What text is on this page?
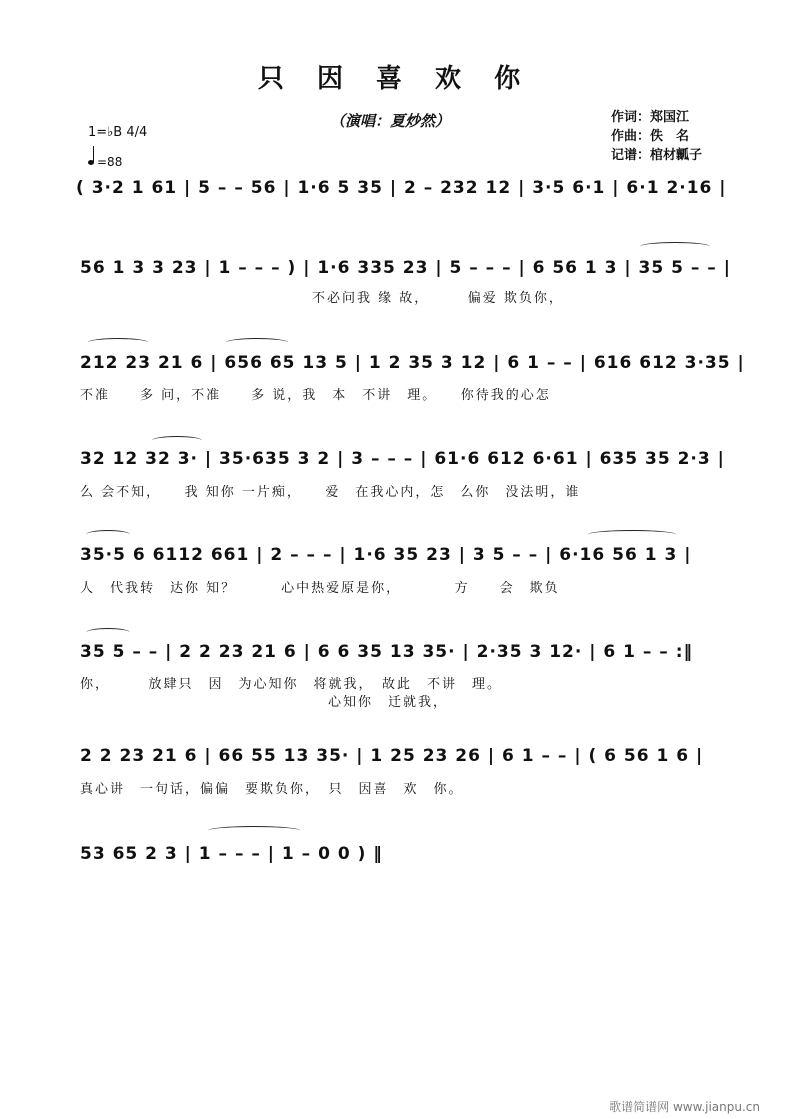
只 因 喜 欢 你
（演唱：夏炒然）	作词：郑国江
作曲：佚　名
记谱：棺材瓤子
1=♭B 4/4
=88
( 3·2 1 61 | 5 – – 56 | 1·6 5 35 | 2 – 232 12 | 3·5 6·1 | 6·1 2·16 |
56 1 3 3 23 | 1 – – – ) | 1·6 335 23 | 5 – – – | 6 56 1 3 | 35 5 – – |
不必问我 缘 故，　　　偏爱 欺负你，
212 23 21 6 | 656 65 13 5 | 1 2 35 3 12 | 6 1 – – | 616 612 3·35 |
不准　　多 问，不准　　多 说，我　本　不讲　理。　　你待我的心怎
32 12 32 3· | 35·635 3 2 | 3 – – – | 61·6 612 6·61 | 635 35 2·3 |
么 会不知，　　我 知你 一片痴，　　爱　在我心内，怎　么你　没法明，谁
35·5 6 6112 661 | 2 – – – | 1·6 35 23 | 3 5 – – | 6·16 56 1 3 |
人　代我转　达你 知？　　　心中热爱原是你，　　　　方　　会　欺负
35 5 – – | 2 2 23 21 6 | 6 6 35 13 35· | 2·35 3 12· | 6 1 – – :‖
你，　　　放肆只　因　为心知你　将就我，　故此　不讲　理。
心知你　迁就我，
2 2 23 21 6 | 66 55 13 35· | 1 25 23 26 | 6 1 – – | ( 6 56 1 6 |
真心讲　一句话，偏偏　要欺负你，　只　因喜　欢　你。
53 65 2 3 | 1 – – – | 1 – 0 0 ) ‖
歌谱简谱网 www.jianpu.cn
